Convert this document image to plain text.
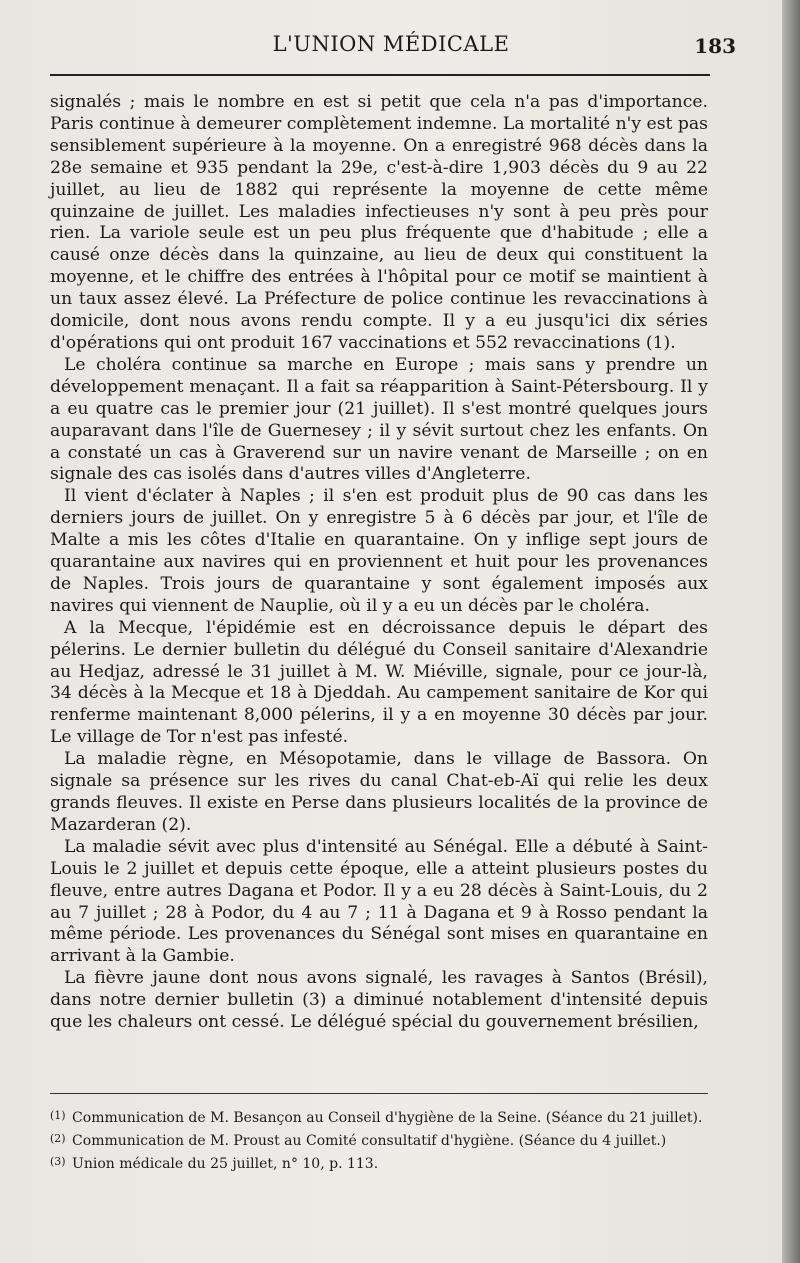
L'UNION MÉDICALE	183

signalés ; mais le nombre en est si petit que cela n'a pas d'importance. Paris continue à demeurer complètement indemne. La mortalité n'y est pas sensiblement supérieure à la moyenne. On a enregistré 968 décès dans la 28e semaine et 935 pendant la 29e, c'est-à-dire 1,903 décès du 9 au 22 juillet, au lieu de 1882 qui représente la moyenne de cette même quinzaine de juillet. Les maladies infectieuses n'y sont à peu près pour rien. La variole seule est un peu plus fréquente que d'habitude ; elle a causé onze décès dans la quinzaine, au lieu de deux qui constituent la moyenne, et le chiffre des entrées à l'hôpital pour ce motif se maintient à un taux assez élevé. La Préfecture de police continue les revaccinations à domicile, dont nous avons rendu compte. Il y a eu jusqu'ici dix séries d'opérations qui ont produit 167 vaccinations et 552 revaccinations (1).

Le choléra continue sa marche en Europe ; mais sans y prendre un développement menaçant. Il a fait sa réapparition à Saint-Pétersbourg. Il y a eu quatre cas le premier jour (21 juillet). Il s'est montré quelques jours auparavant dans l'île de Guernesey ; il y sévit surtout chez les enfants. On a constaté un cas à Graverend sur un navire venant de Marseille ; on en signale des cas isolés dans d'autres villes d'Angleterre.

Il vient d'éclater à Naples ; il s'en est produit plus de 90 cas dans les derniers jours de juillet. On y enregistre 5 à 6 décès par jour, et l'île de Malte a mis les côtes d'Italie en quarantaine. On y inflige sept jours de quarantaine aux navires qui en proviennent et huit pour les provenances de Naples. Trois jours de quarantaine y sont également imposés aux navires qui viennent de Nauplie, où il y a eu un décès par le choléra.

A la Mecque, l'épidémie est en décroissance depuis le départ des pélerins. Le dernier bulletin du délégué du Conseil sanitaire d'Alexandrie au Hedjaz, adressé le 31 juillet à M. W. Miéville, signale, pour ce jour-là, 34 décès à la Mecque et 18 à Djeddah. Au campement sanitaire de Kor qui renferme maintenant 8,000 pélerins, il y a en moyenne 30 décès par jour. Le village de Tor n'est pas infesté.

La maladie règne, en Mésopotamie, dans le village de Bassora. On signale sa présence sur les rives du canal Chat-eb-Aï qui relie les deux grands fleuves. Il existe en Perse dans plusieurs localités de la province de Mazarderan (2).

La maladie sévit avec plus d'intensité au Sénégal. Elle a débuté à Saint-Louis le 2 juillet et depuis cette époque, elle a atteint plusieurs postes du fleuve, entre autres Dagana et Podor. Il y a eu 28 décès à Saint-Louis, du 2 au 7 juillet ; 28 à Podor, du 4 au 7 ; 11 à Dagana et 9 à Rosso pendant la même période. Les provenances du Sénégal sont mises en quarantaine en arrivant à la Gambie.

La fièvre jaune dont nous avons signalé, les ravages à Santos (Brésil), dans notre dernier bulletin (3) a diminué notablement d'intensité depuis que les chaleurs ont cessé. Le délégué spécial du gouvernement brésilien,

$^{(1)}$ Communication de M. Besançon au Conseil d'hygiène de la Seine. (Séance du 21 juillet).

$^{(2)}$ Communication de M. Proust au Comité consultatif d'hygiène. (Séance du 4 juillet.)

$^{(3)}$ Union médicale du 25 juillet, n° 10, p. 113.
